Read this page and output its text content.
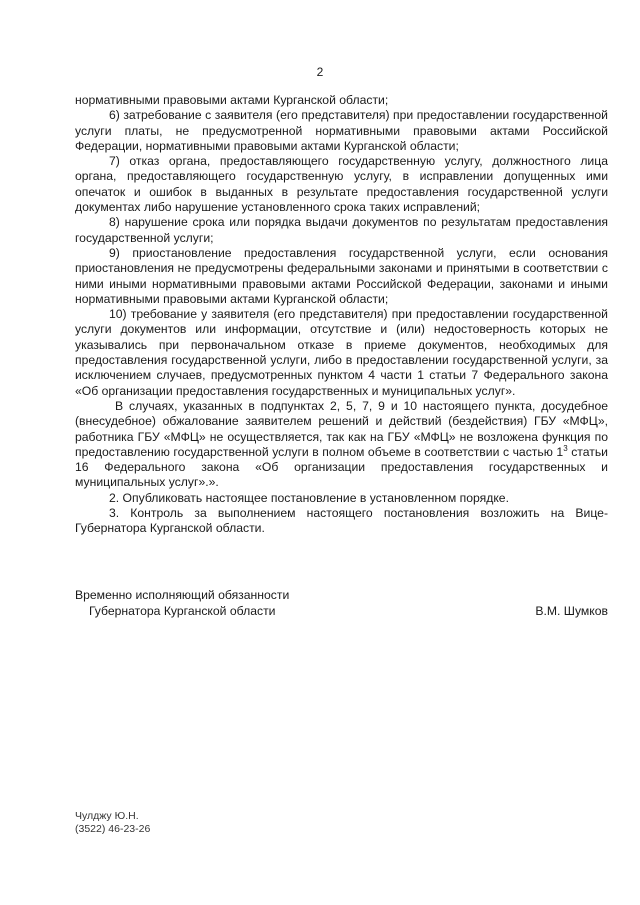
2

нормативными правовыми актами Курганской области;

6) затребование с заявителя (его представителя) при предоставлении государственной услуги платы, не предусмотренной нормативными правовыми актами Российской Федерации, нормативными правовыми актами Курганской области;

7) отказ органа, предоставляющего государственную услугу, должностного лица органа, предоставляющего государственную услугу, в исправлении допущенных ими опечаток и ошибок в выданных в результате предоставления государственной услуги документах либо нарушение установленного срока таких исправлений;

8) нарушение срока или порядка выдачи документов по результатам предоставления государственной услуги;

9) приостановление предоставления государственной услуги, если основания приостановления не предусмотрены федеральными законами и принятыми в соответствии с ними иными нормативными правовыми актами Российской Федерации, законами и иными нормативными правовыми актами Курганской области;

10) требование у заявителя (его представителя) при предоставлении государственной услуги документов или информации, отсутствие и (или) недостоверность которых не указывались при первоначальном отказе в приеме документов, необходимых для предоставления государственной услуги, либо в предоставлении государственной услуги, за исключением случаев, предусмотренных пунктом 4 части 1 статьи 7 Федерального закона «Об организации предоставления государственных и муниципальных услуг».

В случаях, указанных в подпунктах 2, 5, 7, 9 и 10 настоящего пункта, досудебное (внесудебное) обжалование заявителем решений и действий (бездействия) ГБУ «МФЦ», работника ГБУ «МФЦ» не осуществляется, так как на ГБУ «МФЦ» не возложена функция по предоставлению государственной услуги в полном объеме в соответствии с частью $1^3$ статьи 16 Федерального закона «Об организации предоставления государственных и муниципальных услуг».».

2. Опубликовать настоящее постановление в установленном порядке.

3. Контроль за выполнением настоящего постановления возложить на Вице-Губернатора Курганской области.

Временно исполняющий обязанности
Губернатора Курганской области	В.М. Шумков
Чулджу Ю.Н.
(3522) 46-23-26
